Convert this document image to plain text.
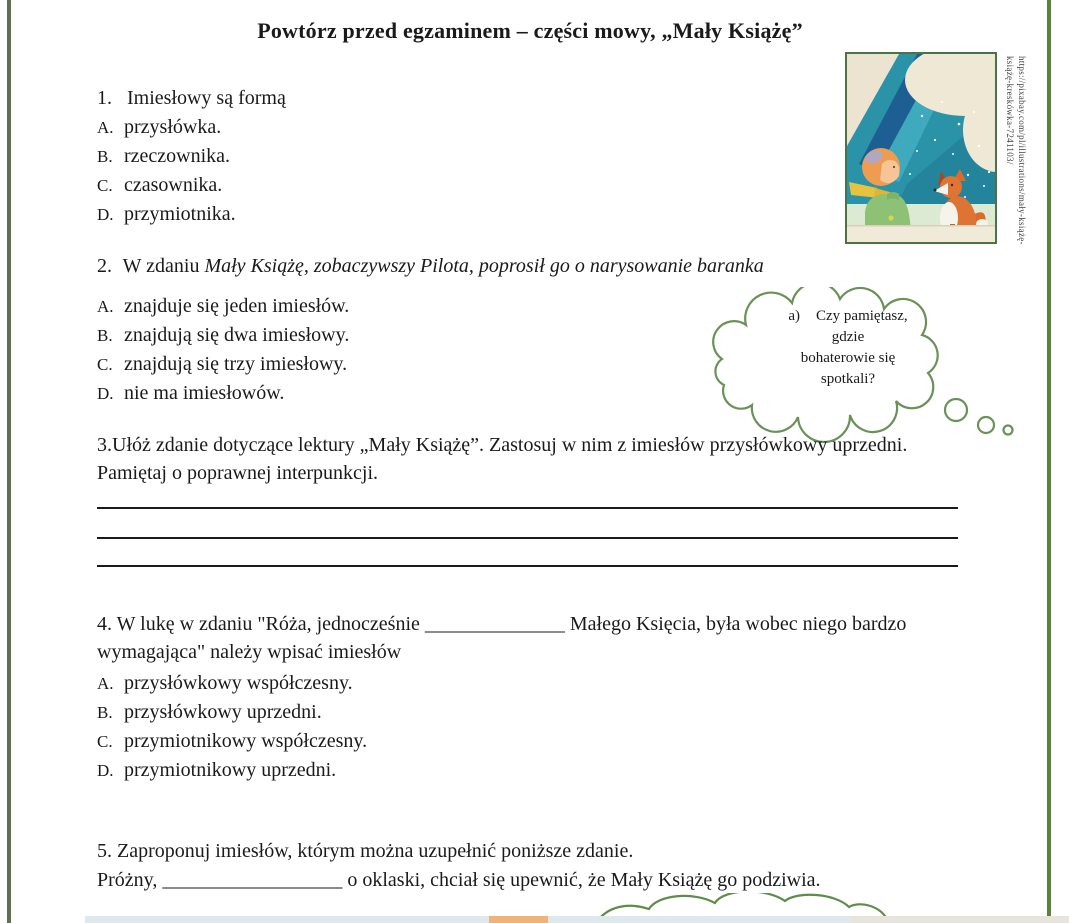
Powtórz przed egzaminem – części mowy, „Mały Książę”
https://pixabay.com/pl/illustrations/mały-książę-
książę-kreskówka-7241103/
1. Imiesłowy są formą
A. przysłówka.
B. rzeczownika.
C. czasownika.
D. przymiotnika.
2. W zdaniu Mały Książę, zobaczywszy Pilota, poprosił go o narysowanie baranka
A. znajduje się jeden imiesłów.
B. znajdują się dwa imiesłowy.
C. znajdują się trzy imiesłowy.
D. nie ma imiesłowów.
a) Czy pamiętasz,
gdzie
bohaterowie się
spotkali?
3.Ułóż zdanie dotyczące lektury „Mały Książę”. Zastosuj w nim z imiesłów przysłówkowy uprzedni. Pamiętaj o poprawnej interpunkcji.
4. W lukę w zdaniu "Róża, jednocześnie ______________ Małego Księcia, była wobec niego bardzo wymagająca" należy wpisać imiesłów
A. przysłówkowy współczesny.
B. przysłówkowy uprzedni.
C. przymiotnikowy współczesny.
D. przymiotnikowy uprzedni.
5. Zaproponuj imiesłów, którym można uzupełnić poniższe zdanie.
Próżny, __________________ o oklaski, chciał się upewnić, że Mały Książę go podziwia.
